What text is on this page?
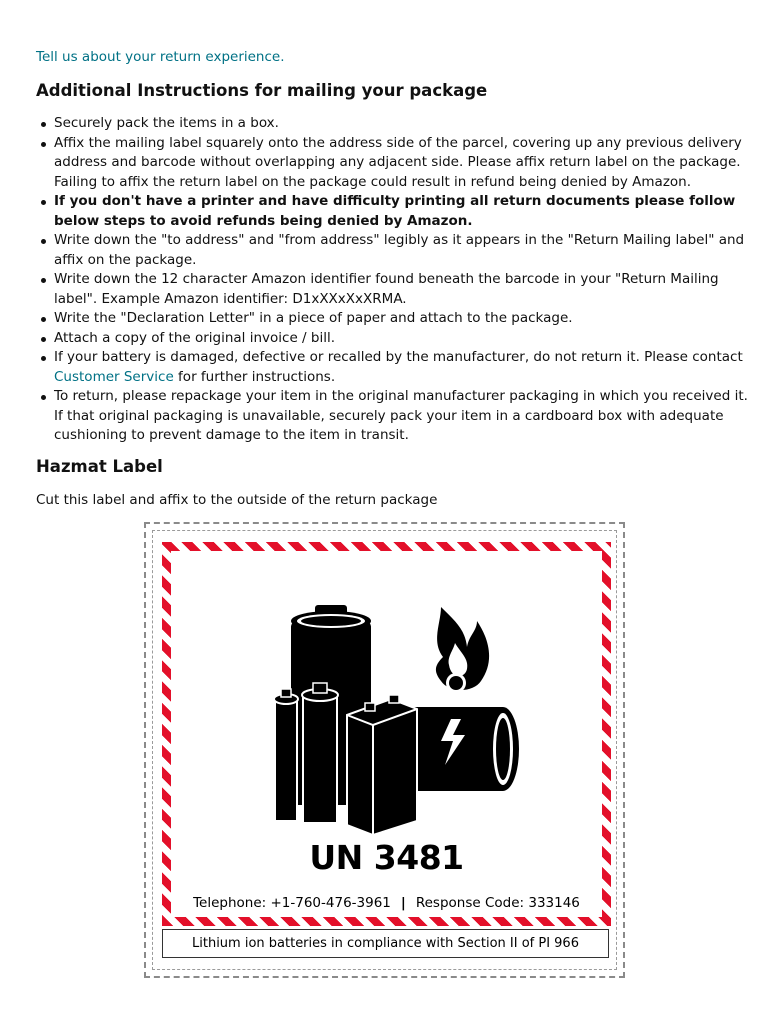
Tell us about your return experience.
Additional Instructions for mailing your package
Securely pack the items in a box.
Affix the mailing label squarely onto the address side of the parcel, covering up any previous delivery address and barcode without overlapping any adjacent side. Please affix return label on the package. Failing to affix the return label on the package could result in refund being denied by Amazon.
If you don't have a printer and have difficulty printing all return documents please follow below steps to avoid refunds being denied by Amazon.
Write down the "to address" and "from address" legibly as it appears in the "Return Mailing label" and affix on the package.
Write down the 12 character Amazon identifier found beneath the barcode in your "Return Mailing label". Example Amazon identifier: D1xXXxXxXRMA.
Write the "Declaration Letter" in a piece of paper and attach to the package.
Attach a copy of the original invoice / bill.
If your battery is damaged, defective or recalled by the manufacturer, do not return it. Please contact Customer Service for further instructions.
To return, please repackage your item in the original manufacturer packaging in which you received it. If that original packaging is unavailable, securely pack your item in a cardboard box with adequate cushioning to prevent damage to the item in transit.
Hazmat Label

Cut this label and affix to the outside of the return package

UN 3481
Telephone: +1-760-476-3961 | Response Code: 333146
Lithium ion batteries in compliance with Section II of PI 966
